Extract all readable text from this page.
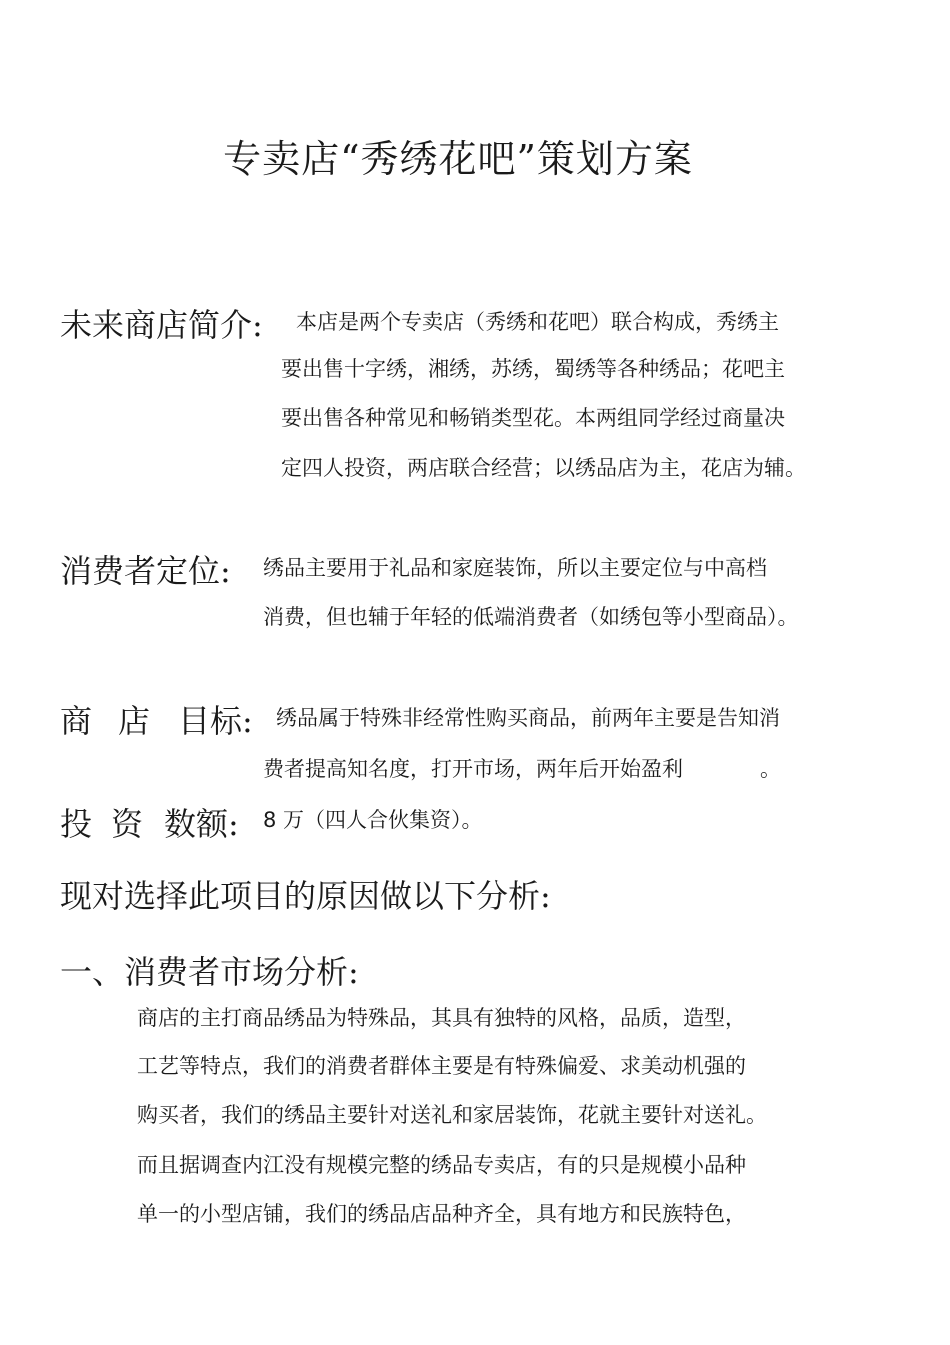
专卖店“秀绣花吧”策划方案
未来商店简介: 本店是两个专卖店（秀绣和花吧）联合构成，秀绣主
要出售十字绣，湘绣，苏绣，蜀绣等各种绣品；花吧主
要出售各种常见和畅销类型花。本两组同学经过商量决
定四人投资，两店联合经营；以绣品店为主，花店为辅。
消费者定位: 绣品主要用于礼品和家庭装饰，所以主要定位与中高档
消费，但也辅于年轻的低端消费者（如绣包等小型商品）。
商 店 目标: 绣品属于特殊非经常性购买商品，前两年主要是告知消
费者提高知名度，打开市场，两年后开始盈利	。
投 资 数额: 8 万（四人合伙集资）。
现对选择此项目的原因做以下分析:
一、消费者市场分析:
商店的主打商品绣品为特殊品，其具有独特的风格，品质，造型，
工艺等特点，我们的消费者群体主要是有特殊偏爱、求美动机强的
购买者，我们的绣品主要针对送礼和家居装饰，花就主要针对送礼。
而且据调查内江没有规模完整的绣品专卖店，有的只是规模小品种
单一的小型店铺，我们的绣品店品种齐全，具有地方和民族特色，
